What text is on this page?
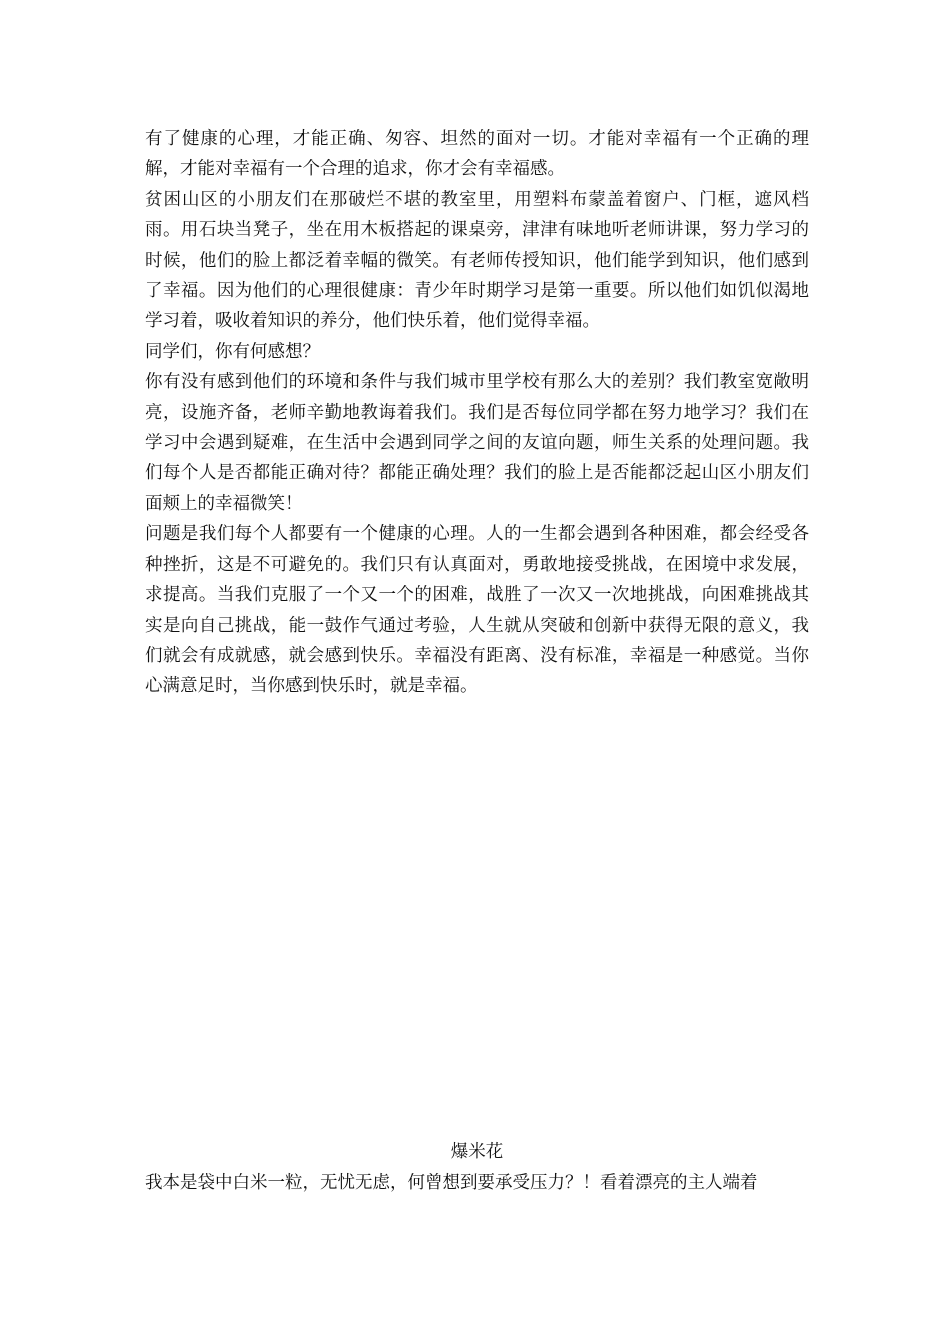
有了健康的心理，才能正确、匆容、坦然的面对一切。才能对幸福有一个正确的理解，才能对幸福有一个合理的追求，你才会有幸福感。

贫困山区的小朋友们在那破烂不堪的教室里，用塑料布蒙盖着窗户、门框，遮风档雨。用石块当凳子，坐在用木板搭起的课桌旁，津津有味地听老师讲课，努力学习的时候，他们的脸上都泛着幸幅的微笑。有老师传授知识，他们能学到知识，他们感到了幸福。因为他们的心理很健康：青少年时期学习是第一重要。所以他们如饥似渴地学习着，吸收着知识的养分，他们快乐着，他们觉得幸福。

同学们，你有何感想？

你有没有感到他们的环境和条件与我们城市里学校有那么大的差别？我们教室宽敞明亮，设施齐备，老师辛勤地教诲着我们。我们是否每位同学都在努力地学习？我们在学习中会遇到疑难，在生活中会遇到同学之间的友谊向题，师生关系的处理问题。我们每个人是否都能正确对待？都能正确处理？我们的脸上是否能都泛起山区小朋友们面颊上的幸福微笑！

问题是我们每个人都要有一个健康的心理。人的一生都会遇到各种困难，都会经受各种挫折，这是不可避免的。我们只有认真面对，勇敢地接受挑战，在困境中求发展，求提高。当我们克服了一个又一个的困难，战胜了一次又一次地挑战，向困难挑战其实是向自己挑战，能一鼓作气通过考验，人生就从突破和创新中获得无限的意义，我们就会有成就感，就会感到快乐。幸福没有距离、没有标准，幸福是一种感觉。当你心满意足时，当你感到快乐时，就是幸福。

爆米花
我本是袋中白米一粒，无忧无虑，何曾想到要承受压力？！看着漂亮的主人端着
